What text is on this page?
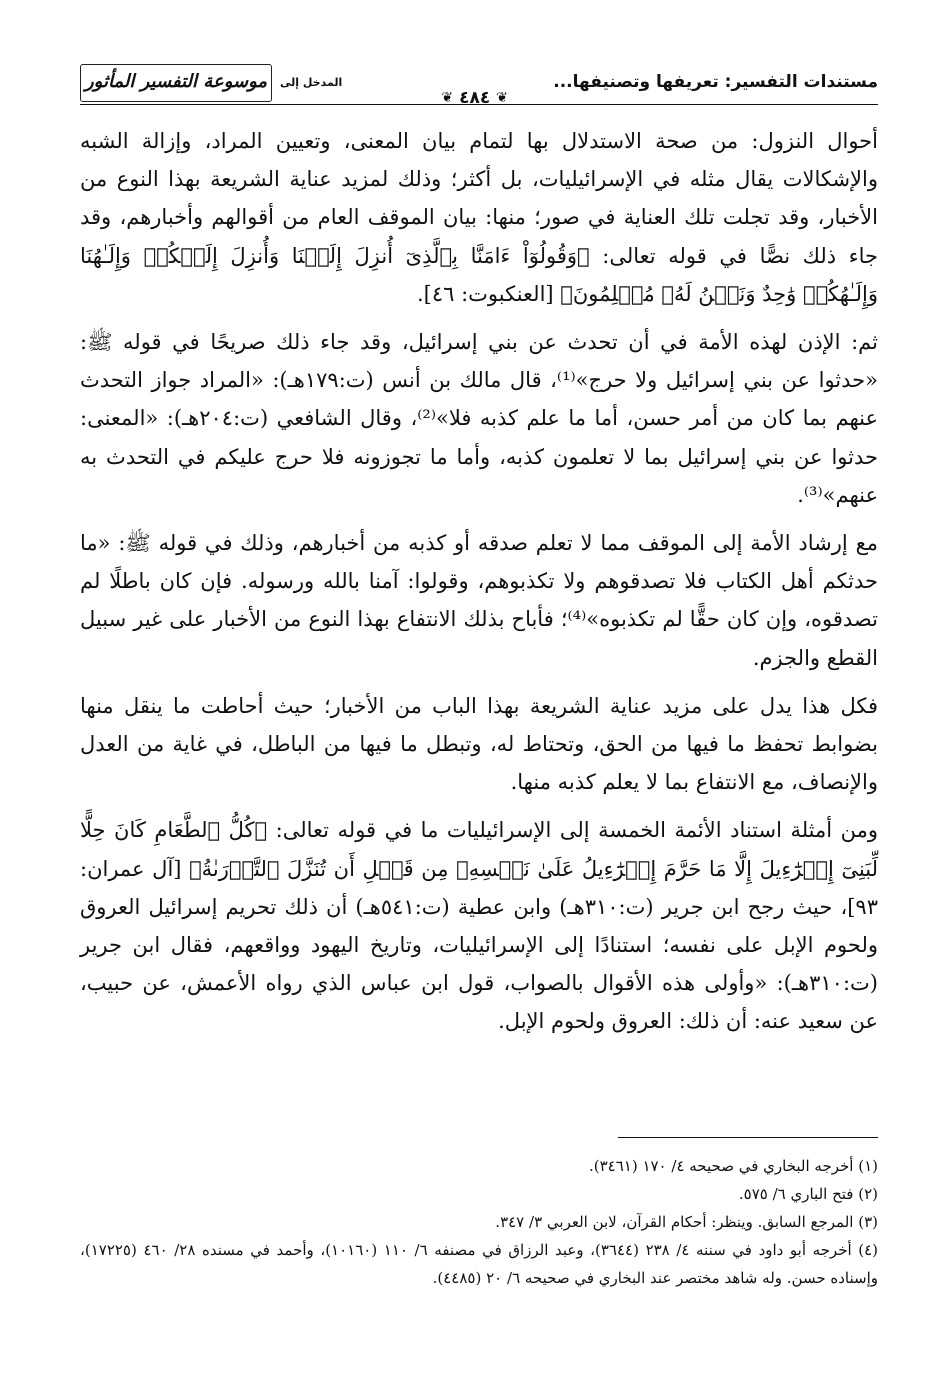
مستندات التفسير: تعريفها وتصنيفها...
❦ ٤٨٤ ❦
المدخل إلى
موسوعة التفسير المأثور

أحوال النزول: من صحة الاستدلال بها لتمام بيان المعنى، وتعيين المراد، وإزالة الشبه والإشكالات يقال مثله في الإسرائيليات، بل أكثر؛ وذلك لمزيد عناية الشريعة بهذا النوع من الأخبار، وقد تجلت تلك العناية في صور؛ منها: بيان الموقف العام من أقوالهم وأخبارهم، وقد جاء ذلك نصًّا في قوله تعالى: ﴿وَقُولُوٓاْ ءَامَنَّا بِٱلَّذِىٓ أُنزِلَ إِلَيۡنَا وَأُنزِلَ إِلَيۡكُمۡ وَإِلَـٰهُنَا وَإِلَـٰهُكُمۡ وَٰحِدٌ وَنَحۡنُ لَهُۥ مُسۡلِمُونَ﴾ [العنكبوت: ٤٦].

ثم: الإذن لهذه الأمة في أن تحدث عن بني إسرائيل، وقد جاء ذلك صريحًا في قوله ﷺ: «حدثوا عن بني إسرائيل ولا حرج»⁽¹⁾، قال مالك بن أنس (ت:١٧٩هـ): «المراد جواز التحدث عنهم بما كان من أمر حسن، أما ما علم كذبه فلا»⁽²⁾، وقال الشافعي (ت:٢٠٤هـ): «المعنى: حدثوا عن بني إسرائيل بما لا تعلمون كذبه، وأما ما تجوزونه فلا حرج عليكم في التحدث به عنهم»⁽³⁾.

مع إرشاد الأمة إلى الموقف مما لا تعلم صدقه أو كذبه من أخبارهم، وذلك في قوله ﷺ: «ما حدثكم أهل الكتاب فلا تصدقوهم ولا تكذبوهم، وقولوا: آمنا بالله ورسوله. فإن كان باطلًا لم تصدقوه، وإن كان حقًّا لم تكذبوه»⁽⁴⁾؛ فأباح بذلك الانتفاع بهذا النوع من الأخبار على غير سبيل القطع والجزم.

فكل هذا يدل على مزيد عناية الشريعة بهذا الباب من الأخبار؛ حيث أحاطت ما ينقل منها بضوابط تحفظ ما فيها من الحق، وتحتاط له، وتبطل ما فيها من الباطل، في غاية من العدل والإنصاف، مع الانتفاع بما لا يعلم كذبه منها.

ومن أمثلة استناد الأئمة الخمسة إلى الإسرائيليات ما في قوله تعالى: ﴿كُلُّ ٱلطَّعَامِ كَانَ حِلًّا لِّبَنِىٓ إِسۡرَٰٓءِيلَ إِلَّا مَا حَرَّمَ إِسۡرَٰٓءِيلُ عَلَىٰ نَفۡسِهِۦ مِن قَبۡلِ أَن تُنَزَّلَ ٱلتَّوۡرَىٰةُ﴾ [آل عمران: ٩٣]، حيث رجح ابن جرير (ت:٣١٠هـ) وابن عطية (ت:٥٤١هـ) أن ذلك تحريم إسرائيل العروق ولحوم الإبل على نفسه؛ استنادًا إلى الإسرائيليات، وتاريخ اليهود وواقعهم، فقال ابن جرير (ت:٣١٠هـ): «وأولى هذه الأقوال بالصواب، قول ابن عباس الذي رواه الأعمش، عن حبيب، عن سعيد عنه: أن ذلك: العروق ولحوم الإبل.

(١) أخرجه البخاري في صحيحه ٤/ ١٧٠ (٣٤٦١).

(٢) فتح الباري ٦/ ٥٧٥.

(٣) المرجع السابق. وينظر: أحكام القرآن، لابن العربي ٣/ ٣٤٧.

(٤) أخرجه أبو داود في سننه ٤/ ٢٣٨ (٣٦٤٤)، وعبد الرزاق في مصنفه ٦/ ١١٠ (١٠١٦٠)، وأحمد في مسنده ٢٨/ ٤٦٠ (١٧٢٢٥)، وإسناده حسن. وله شاهد مختصر عند البخاري في صحيحه ٦/ ٢٠ (٤٤٨٥).
